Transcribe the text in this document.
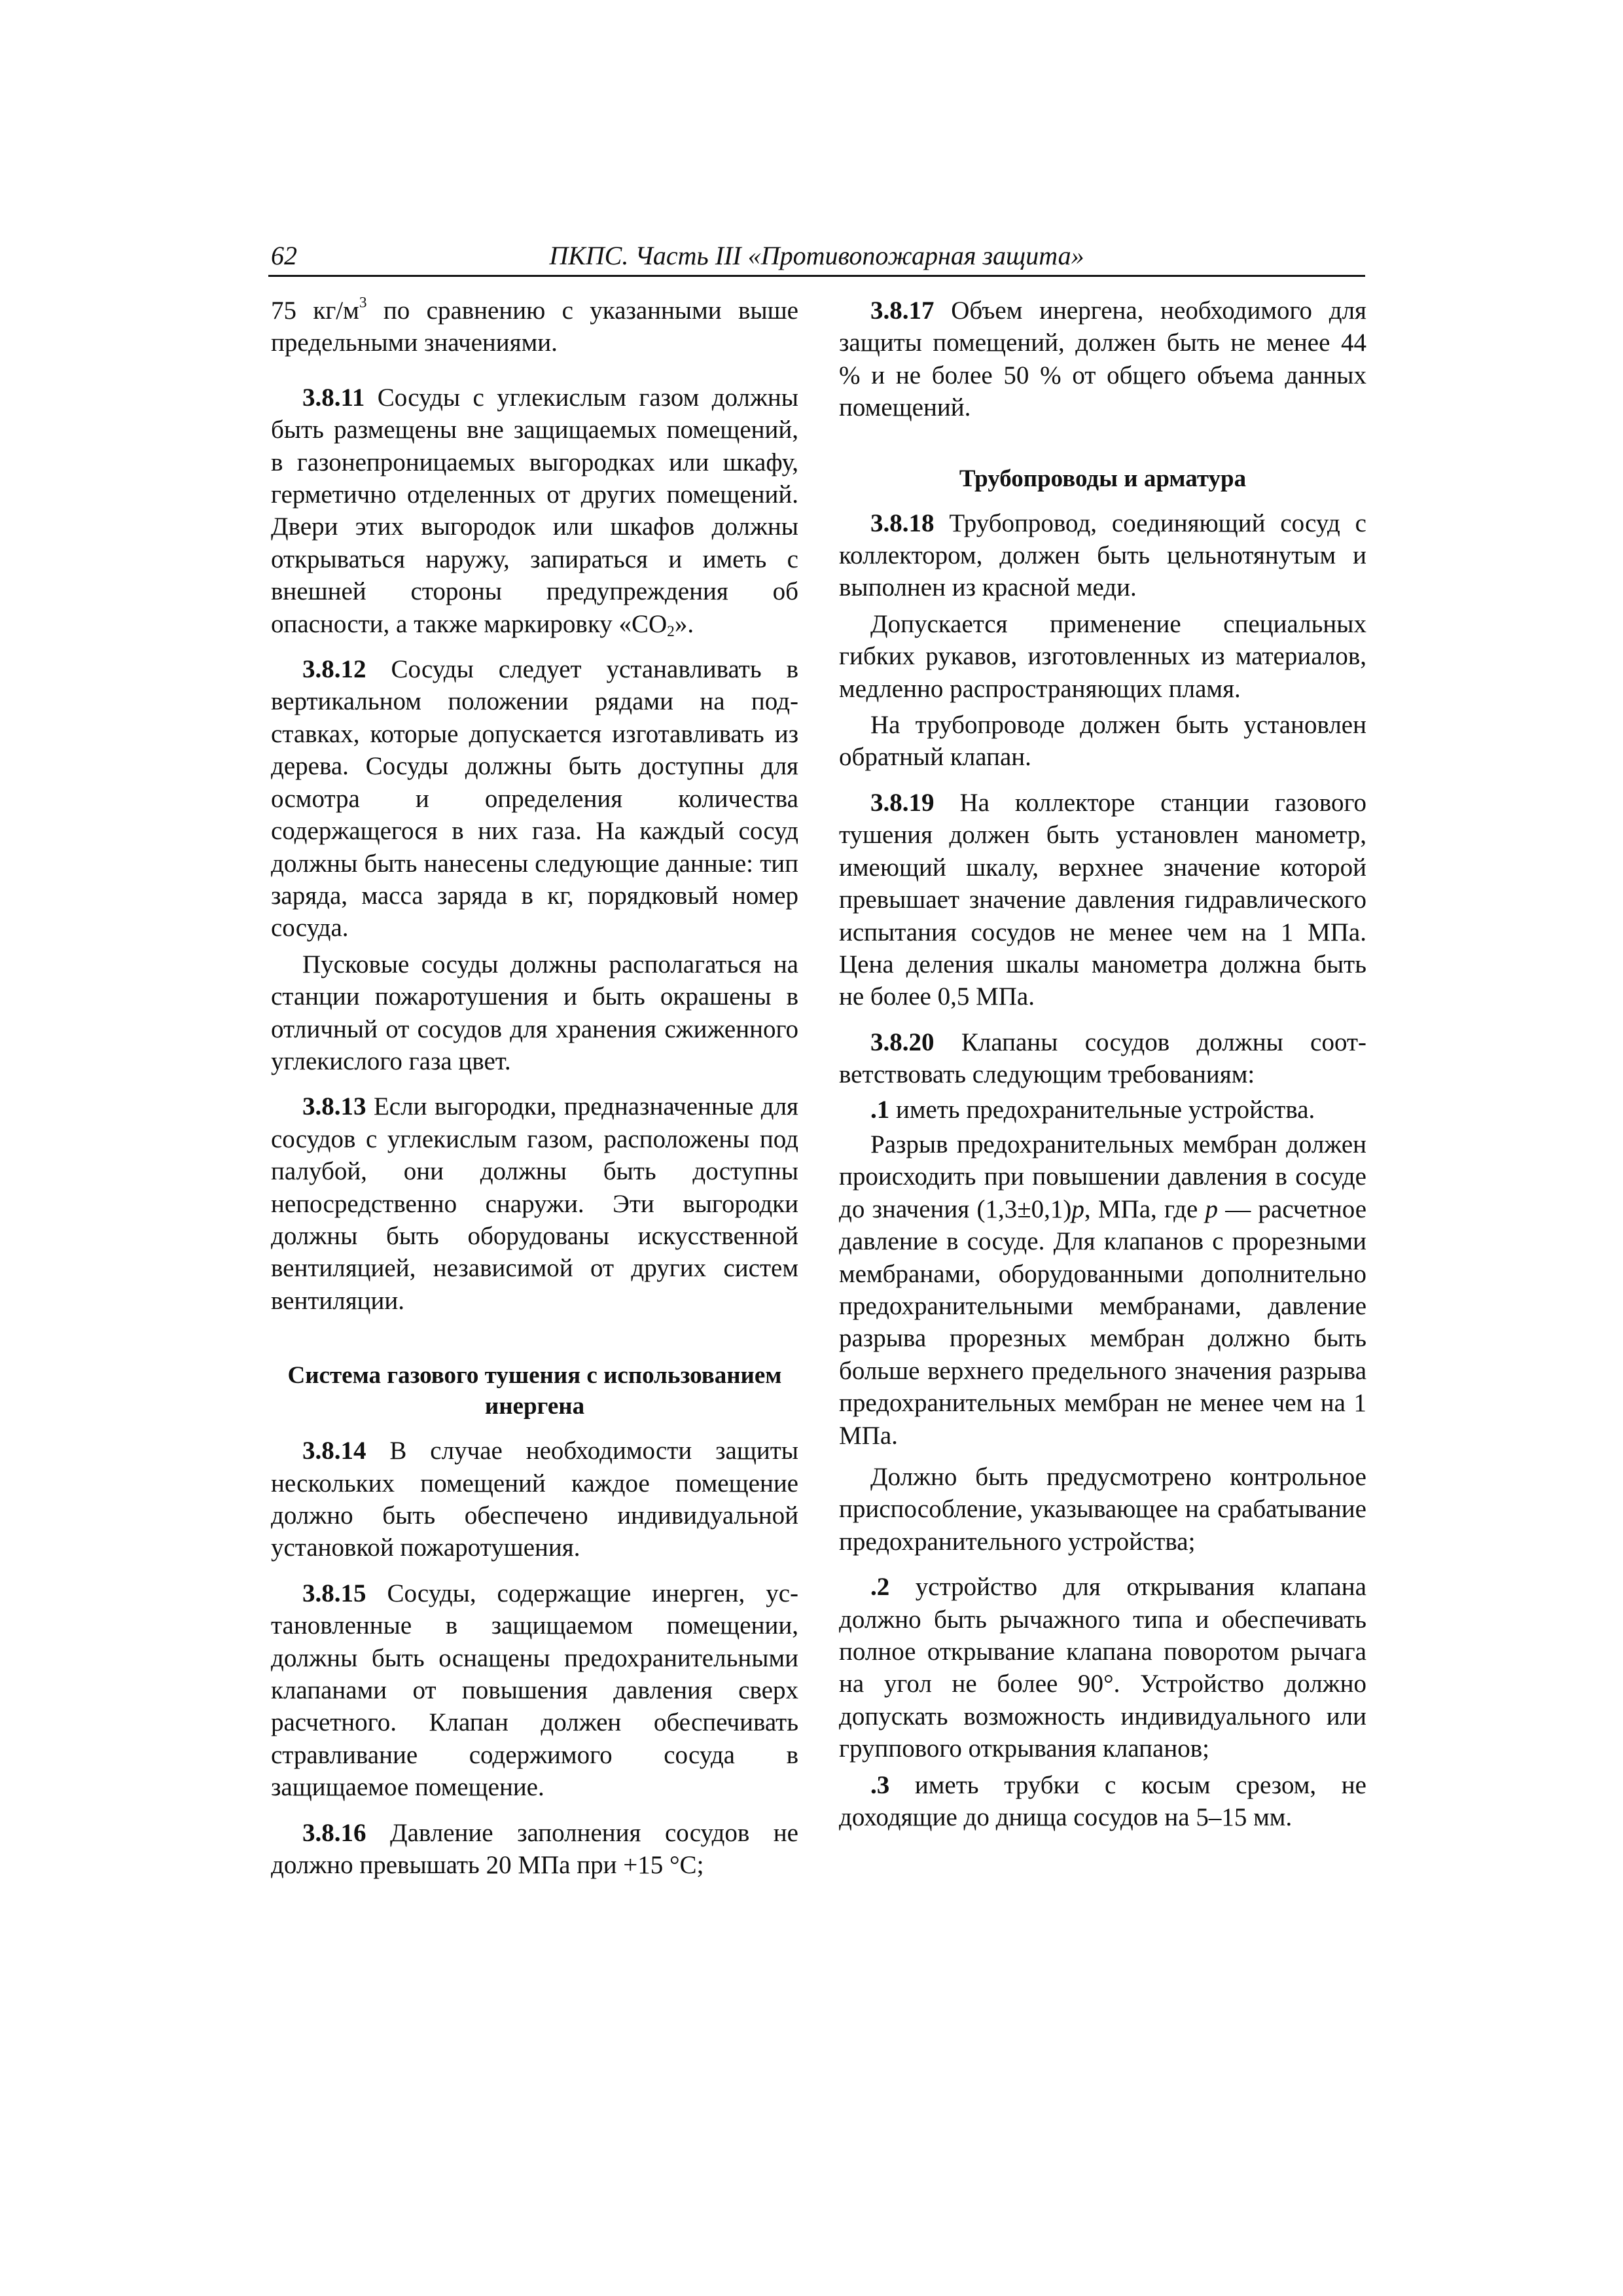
62	ПКПС. Часть III «Противопожарная защита»

75 $кг/м^3$ по сравнению с указанными выше предельными значениями.

3.8.11 Сосуды с углекислым газом должны быть размещены вне защищаемых помещений, в газонепроницаемых выгородках или шкафу, герметично отделенных от других помещений. Двери этих выгородок или шкафов должны открываться наружу, запираться и иметь с внешней стороны предупреждения об опасности, а также маркировку «$CO_2$».

3.8.12 Сосуды следует устанавливать в вертикальном положении рядами на подставках, которые допускается изготавливать из дерева. Сосуды должны быть доступны для осмотра и определения количества содержащегося в них газа. На каждый сосуд должны быть нанесены следующие данные: тип заряда, масса заряда в кг, порядковый номер сосуда.

Пусковые сосуды должны располагаться на станции пожаротушения и быть окрашены в отличный от сосудов для хранения сжиженного углекислого газа цвет.

3.8.13 Если выгородки, предназначенные для сосудов с углекислым газом, расположены под палубой, они должны быть доступны непосредственно снаружи. Эти выгородки должны быть оборудованы искусственной вентиляцией, независимой от других систем вентиляции.

Система газового тушения с использованием инергена

3.8.14 В случае необходимости защиты нескольких помещений каждое помещение должно быть обеспечено индивидуальной установкой пожаротушения.

3.8.15 Сосуды, содержащие инерген, установленные в защищаемом помещении, должны быть оснащены предохранительными клапанами от повышения давления сверх расчетного. Клапан должен обеспечивать стравливание содержимого сосуда в защищаемое помещение.

3.8.16 Давление заполнения сосудов не должно превышать 20 МПа при +15 °С;

3.8.17 Объем инергена, необходимого для защиты помещений, должен быть не менее 44 % и не более 50 % от общего объема данных помещений.

Трубопроводы и арматура

3.8.18 Трубопровод, соединяющий сосуд с коллектором, должен быть цельнотянутым и выполнен из красной меди.

Допускается применение специальных гибких рукавов, изготовленных из материалов, медленно распространяющих пламя.

На трубопроводе должен быть установлен обратный клапан.

3.8.19 На коллекторе станции газового тушения должен быть установлен манометр, имеющий шкалу, верхнее значение которой превышает значение давления гидравлического испытания сосудов не менее чем на 1 МПа. Цена деления шкалы манометра должна быть не более 0,5 МПа.

3.8.20 Клапаны сосудов должны соответствовать следующим требованиям:

.1 иметь предохранительные устройства.

Разрыв предохранительных мембран должен происходить при повышении давления в сосуде до значения (1,3±0,1)p, МПа, где p — расчетное давление в сосуде. Для клапанов с прорезными мембранами, оборудованными дополнительно предохранительными мембранами, давление разрыва прорезных мембран должно быть больше верхнего предельного значения разрыва предохранительных мембран не менее чем на 1 МПа.

Должно быть предусмотрено контрольное приспособление, указывающее на срабатывание предохранительного устройства;

.2 устройство для открывания клапана должно быть рычажного типа и обеспечивать полное открывание клапана поворотом рычага на угол не более 90°. Устройство должно допускать возможность индивидуального или группового открывания клапанов;

.3 иметь трубки с косым срезом, не доходящие до днища сосудов на 5–15 мм.
